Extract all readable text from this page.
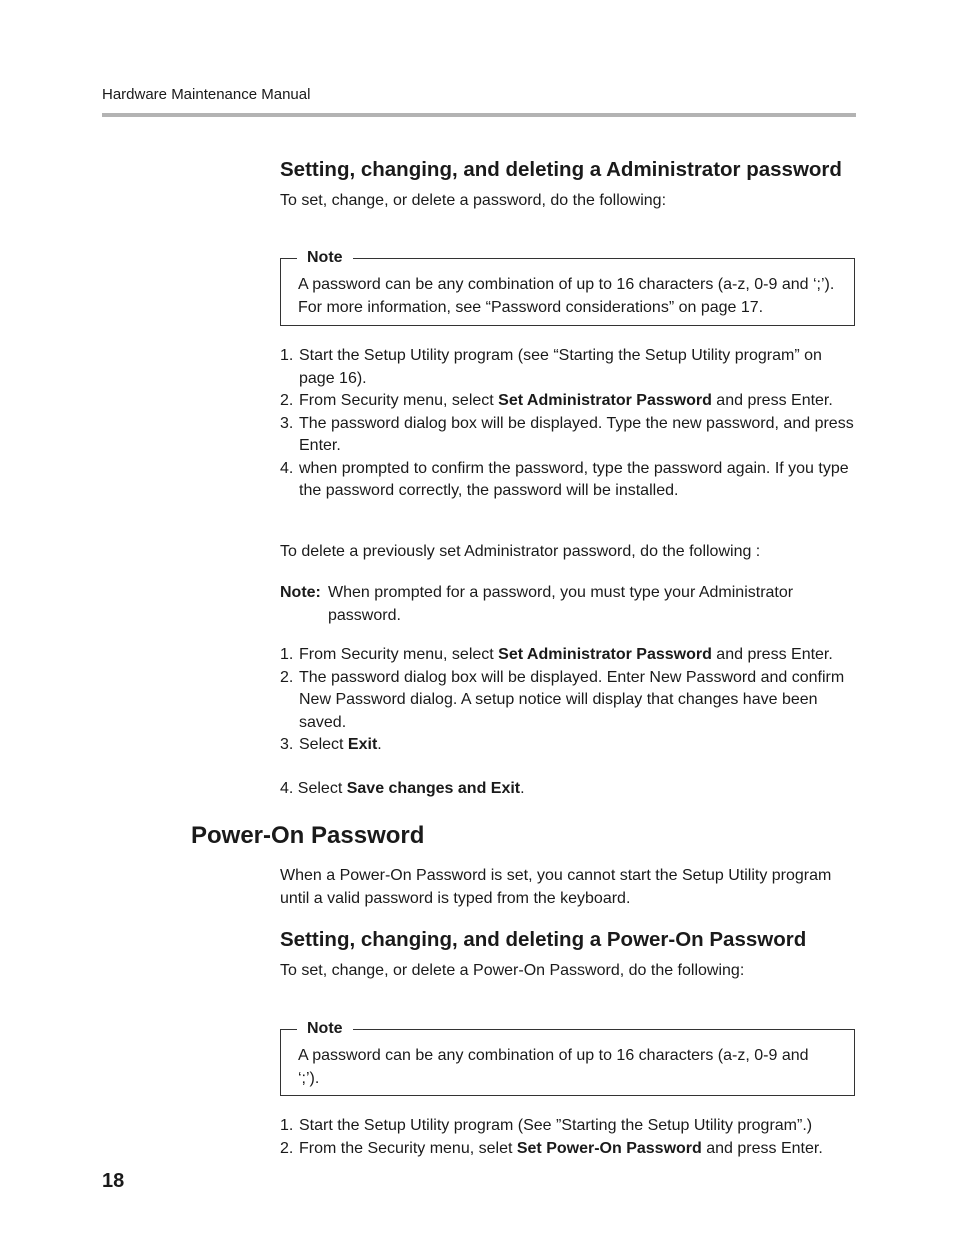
Hardware Maintenance Manual
Setting, changing, and deleting a Administrator password
To set, change, or delete a password, do the following:
Note
A password can be any combination of up to 16 characters (a-z, 0-9 and ‘;’). For more information, see “Password considerations” on page 17.
1. Start the Setup Utility program (see “Starting the Setup Utility program” on page 16).
2. From Security menu, select Set Administrator Password and press Enter.
3. The password dialog box will be displayed. Type the new password, and press Enter.
4. when prompted to confirm the password, type the password again. If you type the password correctly, the password will be installed.
To delete a previously set Administrator password, do the following :
Note: When prompted for a password, you must type your Administrator password.
1. From Security menu, select Set Administrator Password and press Enter.
2. The password dialog box will be displayed. Enter New Password and confirm New Password dialog. A setup notice will display that changes have been saved.
3. Select Exit.
4. Select Save changes and Exit.
Power-On Password
When a Power-On Password is set, you cannot start the Setup Utility program until a valid password is typed from the keyboard.
Setting, changing, and deleting a Power-On Password
To set, change, or delete a Power-On Password, do the following:
Note
A password can be any combination of up to 16 characters (a-z, 0-9 and ‘;’).
1. Start the Setup Utility program (See ”Starting the Setup Utility program”.)
2. From the Security menu, selet Set Power-On Password and press Enter.
18
